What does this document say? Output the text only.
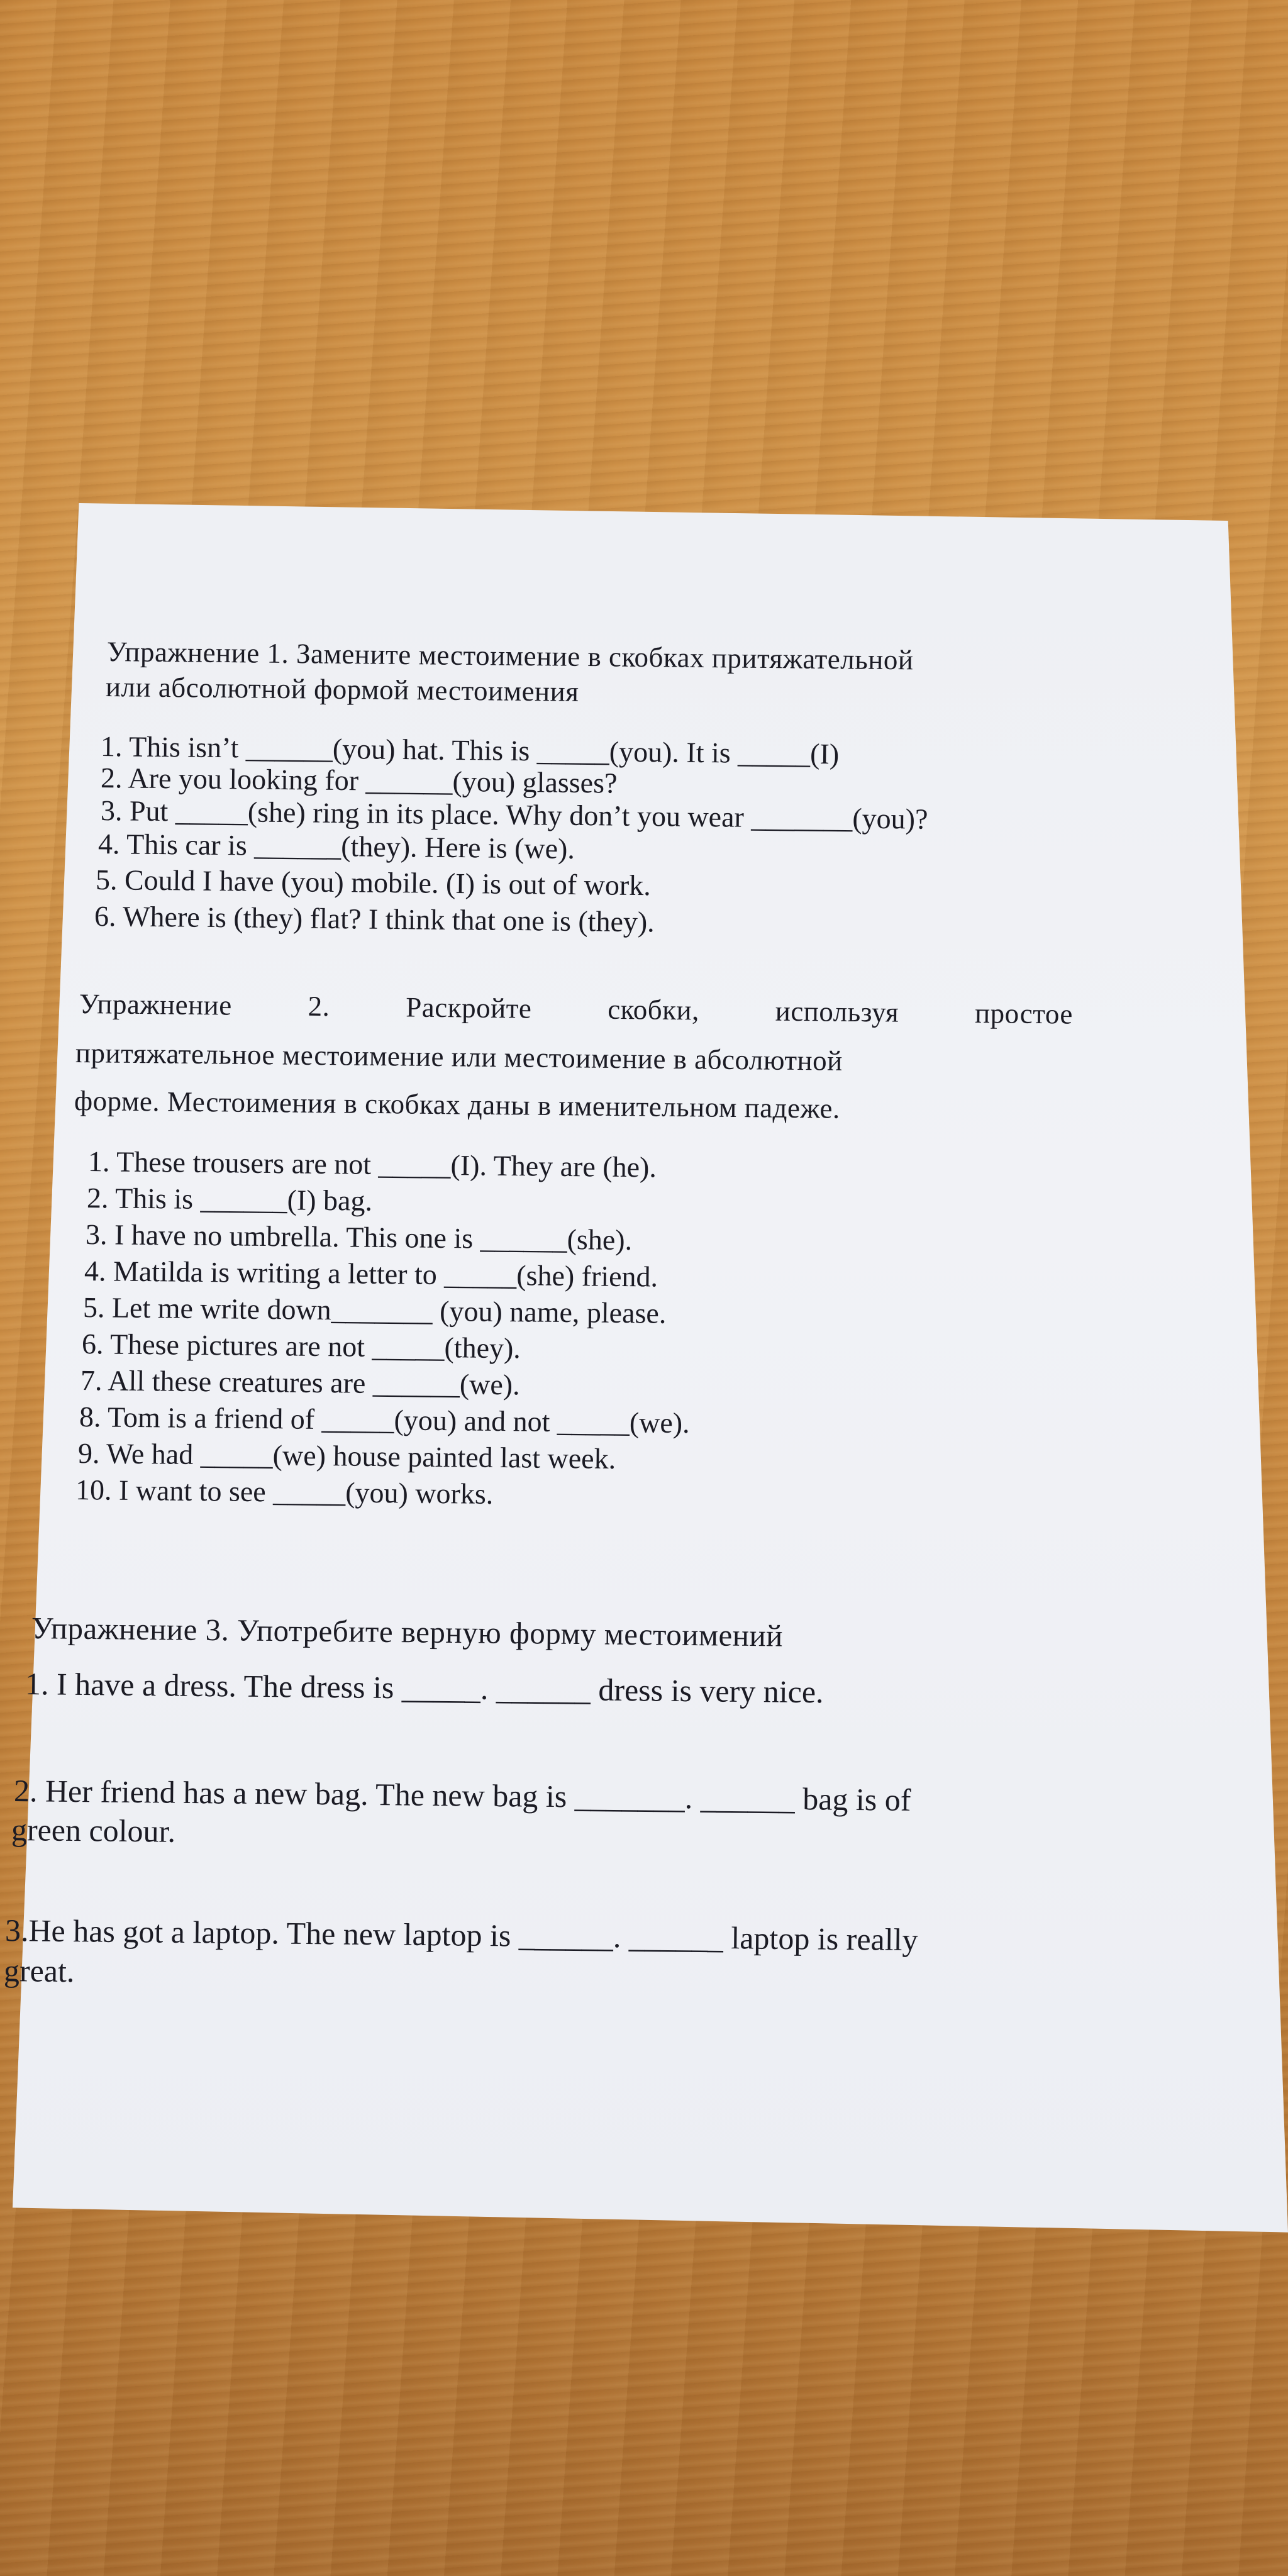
Упражнение 1. Замените местоимение в скобках притяжательной
или абсолютной формой местоимения
1. This isn’t ______(you) hat. This is _____(you). It is _____(I)
2. Are you looking for ______(you) glasses?
3. Put _____(she) ring in its place. Why don’t you wear _______(you)?
4. This car is ______(they). Here is (we).
5. Could I have (you) mobile. (I) is out of work.
6. Where is (they) flat? I think that one is (they).
Упражнение	2.	Раскройте	скобки,	используя	простое
притяжательное местоимение или местоимение в абсолютной
форме. Местоимения в скобках даны в именительном падеже.
1. These trousers are not _____(I). They are (he).
2. This is ______(I) bag.
3. I have no umbrella. This one is ______(she).
4. Matilda is writing a letter to _____(she) friend.
5. Let me write down_______ (you) name, please.
6. These pictures are not _____(they).
7. All these creatures are ______(we).
8. Tom is a friend of _____(you) and not _____(we).
9. We had _____(we) house painted last week.
10. I want to see _____(you) works.
Упражнение 3. Употребите верную форму местоимений
1. I have a dress. The dress is _____. ______ dress is very nice.
2. Her friend has a new bag. The new bag is _______. ______ bag is of
green colour.
3.He has got a laptop. The new laptop is ______. ______ laptop is really
great.
